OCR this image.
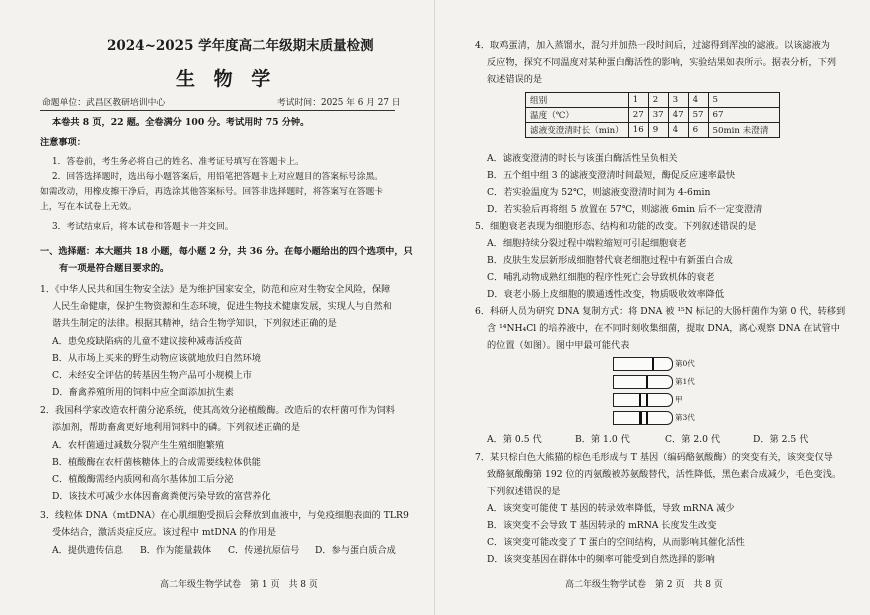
2024~2025 学年度高二年级期末质量检测
生 物 学
命题单位：武昌区教研培训中心	考试时间：2025 年 6 月 27 日
本卷共 8 页，22 题。全卷满分 100 分。考试用时 75 分钟。
注意事项：
1．答卷前，考生务必将自己的姓名、准考证号填写在答题卡上。
2．回答选择题时，选出每小题答案后，用铅笔把答题卡上对应题目的答案标号涂黑。
如需改动，用橡皮擦干净后，再选涂其他答案标号。回答非选择题时，将答案写在答题卡
上，写在本试卷上无效。
3．考试结束后，将本试卷和答题卡一并交回。
一、选择题：本大题共 18 小题，每小题 2 分，共 36 分。在每小题给出的四个选项中，只
有一项是符合题目要求的。
1．《中华人民共和国生物安全法》是为维护国家安全，防范和应对生物安全风险，保障
人民生命健康，保护生物资源和生态环境，促进生物技术健康发展，实现人与自然和
谐共生制定的法律。根据其精神，结合生物学知识，下列叙述正确的是
A．患免疫缺陷病的儿童不建议接种减毒活疫苗
B．从市场上买来的野生动物应该就地放归自然环境
C．未经安全评估的转基因生物产品可小规模上市
D．畜禽养殖所用的饲料中应全面添加抗生素
2．我国科学家改造农杆菌分泌系统，使其高效分泌植酸酶。改造后的农杆菌可作为饲料
添加剂，帮助畜禽更好地利用饲料中的磷。下列叙述正确的是
A．农杆菌通过减数分裂产生生殖细胞繁殖
B．植酸酶在农杆菌核糖体上的合成需要线粒体供能
C．植酸酶需经内质网和高尔基体加工后分泌
D．该技术可减少水体因畜禽粪便污染导致的富营养化
3．线粒体 DNA（mtDNA）在心肌细胞受损后会释放到血液中，与免疫细胞表面的 TLR9
受体结合，激活炎症反应。该过程中 mtDNA 的作用是
A．提供遗传信息 B．作为能量载体 C．传递抗原信号 D．参与蛋白质合成
高二年级生物学试卷　第 1 页　共 8 页
4．取鸡蛋清，加入蒸馏水，混匀并加热一段时间后，过滤得到浑浊的滤液。以该滤液为
反应物，探究不同温度对某种蛋白酶活性的影响，实验结果如表所示。据表分析，下列
叙述错误的是
组别	1	2	3	4	5
温度（℃）	27	37	47	57	67
滤液变澄清时长（min）	16	9	4	6	50min 未澄清
A．滤液变澄清的时长与该蛋白酶活性呈负相关
B．五个组中组 3 的滤液变澄清时间最短，酶促反应速率最快
C．若实验温度为 52℃，则滤液变澄清时间为 4-6min
D．若实验后再将组 5 放置在 57℃，则滤液 6min 后不一定变澄清
5．细胞衰老表现为细胞形态、结构和功能的改变。下列叙述错误的是
A．细胞持续分裂过程中端粒缩短可引起细胞衰老
B．皮肤生发层新形成细胞替代衰老细胞过程中有新蛋白合成
C．哺乳动物成熟红细胞的程序性死亡会导致机体的衰老
D．衰老小肠上皮细胞的膜通透性改变，物质吸收效率降低
6．科研人员为研究 DNA 复制方式：将 DNA 被 ¹⁵N 标记的大肠杆菌作为第 0 代，转移到
含 ¹⁴NH₄Cl 的培养液中，在不同时刻收集细菌，提取 DNA，离心观察 DNA 在试管中
的位置（如图）。图中甲最可能代表
第0代
第1代
甲
第3代
A．第 0.5 代	B．第 1.0 代	C．第 2.0 代	D．第 2.5 代
7．某只棕白色大熊猫的棕色毛形成与 T 基因（编码酪氨酸酶）的突变有关，该突变仅导
致酪氨酸酶第 192 位的丙氨酸被苏氨酸替代，活性降低，黑色素合成减少，毛色变浅。
下列叙述错误的是
A．该突变可能使 T 基因的转录效率降低，导致 mRNA 减少
B．该突变不会导致 T 基因转录的 mRNA 长度发生改变
C．该突变可能改变了 T 蛋白的空间结构，从而影响其催化活性
D．该突变基因在群体中的频率可能受到自然选择的影响
高二年级生物学试卷　第 2 页　共 8 页
